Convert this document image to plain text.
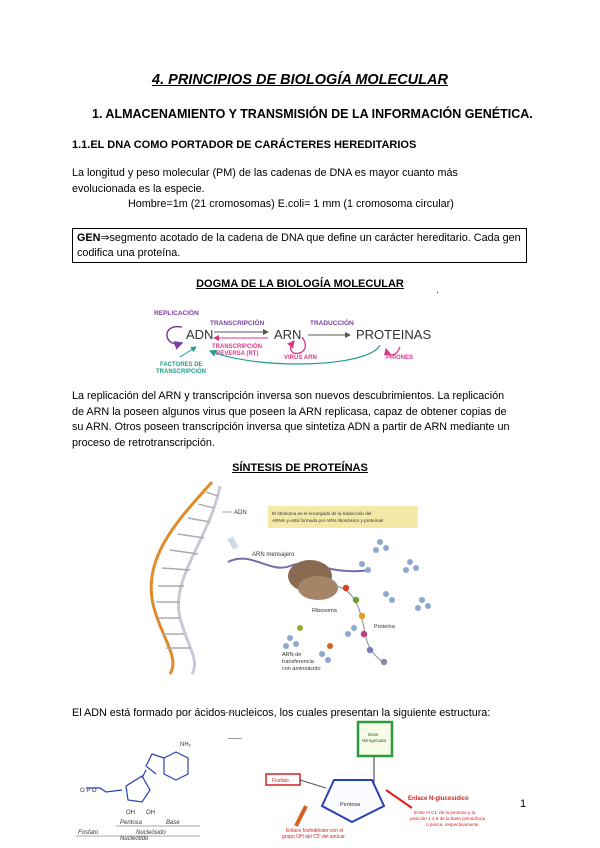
4. PRINCIPIOS DE BIOLOGÍA MOLECULAR
1. ALMACENAMIENTO Y TRANSMISIÓN DE LA INFORMACIÓN GENÉTICA.
1.1.EL DNA COMO PORTADOR DE CARÁCTERES HEREDITARIOS
La longitud y peso molecular (PM) de las cadenas de DNA es mayor cuanto más
evolucionada es la especie.
Hombre=1m (21 cromosomas) E.coli= 1 mm (1 cromosoma circular)
GEN⇒segmento acotado de la cadena de DNA que define un carácter hereditario. Cada gen codifica una proteína.
DOGMA DE LA BIOLOGÍA MOLECULAR
REPLICACIÓN
ADN
TRANSCRIPCIÓN
TRANSCRIPCIÓN
REVERSA (RT)
ARN
VIRUS ARN
TRADUCCIÓN
PROTEINAS
PRIONES
FACTORES DE
TRANSCRIPCIÓN
·
La replicación del ARN y transcripción inversa son nuevos descubrimientos. La replicación
de ARN la poseen algunos virus que poseen la ARN replicasa, capaz de obtener copias de
su ARN. Otros poseen transcripción inversa que sintetiza ADN a partir de ARN mediante un
proceso de retrotranscripción.
SÍNTESIS DE PROTEÍNAS
ADN	El ribosoma es el encargado de la traducción del
ARNm y está formado por ARN ribosómico y proteínas
ARN mensajero
Ribosoma
Proteína
ARN de
transferencia
con aminoácido
El ADN está formado por ácidos nucleicos, los cuales presentan la siguiente estructura:
NH₂
O P O
OH OH
Pentosa	Base
Fosfato	Nucleósido
Nucleótido
Base
Nitrogenada
Pentosa
Fosfato
Enlace N-glucosídico
Entre el C1' de la pentosa y la
posición 1 ó 9 de la base pirimidínica
o púrica, respectivamente
Enlace fosfodiéster con el
grupo OH del C5' del azúcar
1
